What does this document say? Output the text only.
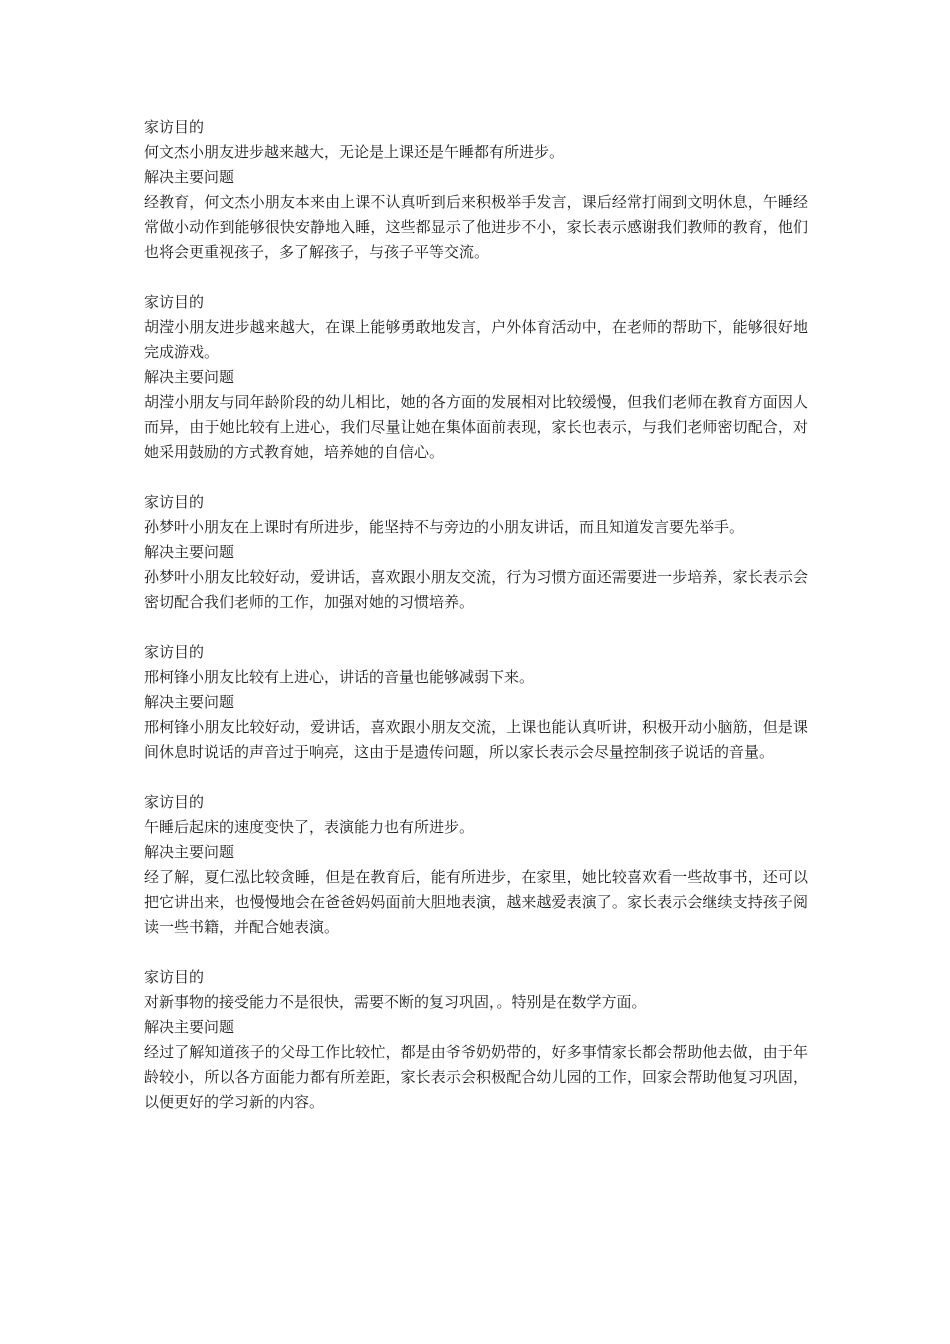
家访目的

何文杰小朋友进步越来越大，无论是上课还是午睡都有所进步。

解决主要问题

经教育，何文杰小朋友本来由上课不认真听到后来积极举手发言，课后经常打闹到文明休息，午睡经常做小动作到能够很快安静地入睡，这些都显示了他进步不小，家长表示感谢我们教师的教育，他们也将会更重视孩子，多了解孩子，与孩子平等交流。

家访目的

胡滢小朋友进步越来越大，在课上能够勇敢地发言，户外体育活动中，在老师的帮助下，能够很好地完成游戏。

解决主要问题

胡滢小朋友与同年龄阶段的幼儿相比，她的各方面的发展相对比较缓慢，但我们老师在教育方面因人而异，由于她比较有上进心，我们尽量让她在集体面前表现，家长也表示，与我们老师密切配合，对她采用鼓励的方式教育她，培养她的自信心。

家访目的

孙梦叶小朋友在上课时有所进步，能坚持不与旁边的小朋友讲话，而且知道发言要先举手。

解决主要问题

孙梦叶小朋友比较好动，爱讲话，喜欢跟小朋友交流，行为习惯方面还需要进一步培养，家长表示会密切配合我们老师的工作，加强对她的习惯培养。

家访目的

邢柯锋小朋友比较有上进心，讲话的音量也能够减弱下来。

解决主要问题

邢柯锋小朋友比较好动，爱讲话，喜欢跟小朋友交流，上课也能认真听讲，积极开动小脑筋，但是课间休息时说话的声音过于响亮，这由于是遗传问题，所以家长表示会尽量控制孩子说话的音量。

家访目的

午睡后起床的速度变快了，表演能力也有所进步。

解决主要问题

经了解，夏仁泓比较贪睡，但是在教育后，能有所进步，在家里，她比较喜欢看一些故事书，还可以把它讲出来，也慢慢地会在爸爸妈妈面前大胆地表演，越来越爱表演了。家长表示会继续支持孩子阅读一些书籍，并配合她表演。

家访目的

对新事物的接受能力不是很快，需要不断的复习巩固，。特别是在数学方面。

解决主要问题

经过了解知道孩子的父母工作比较忙，都是由爷爷奶奶带的，好多事情家长都会帮助他去做，由于年龄较小，所以各方面能力都有所差距，家长表示会积极配合幼儿园的工作，回家会帮助他复习巩固，以便更好的学习新的内容。
